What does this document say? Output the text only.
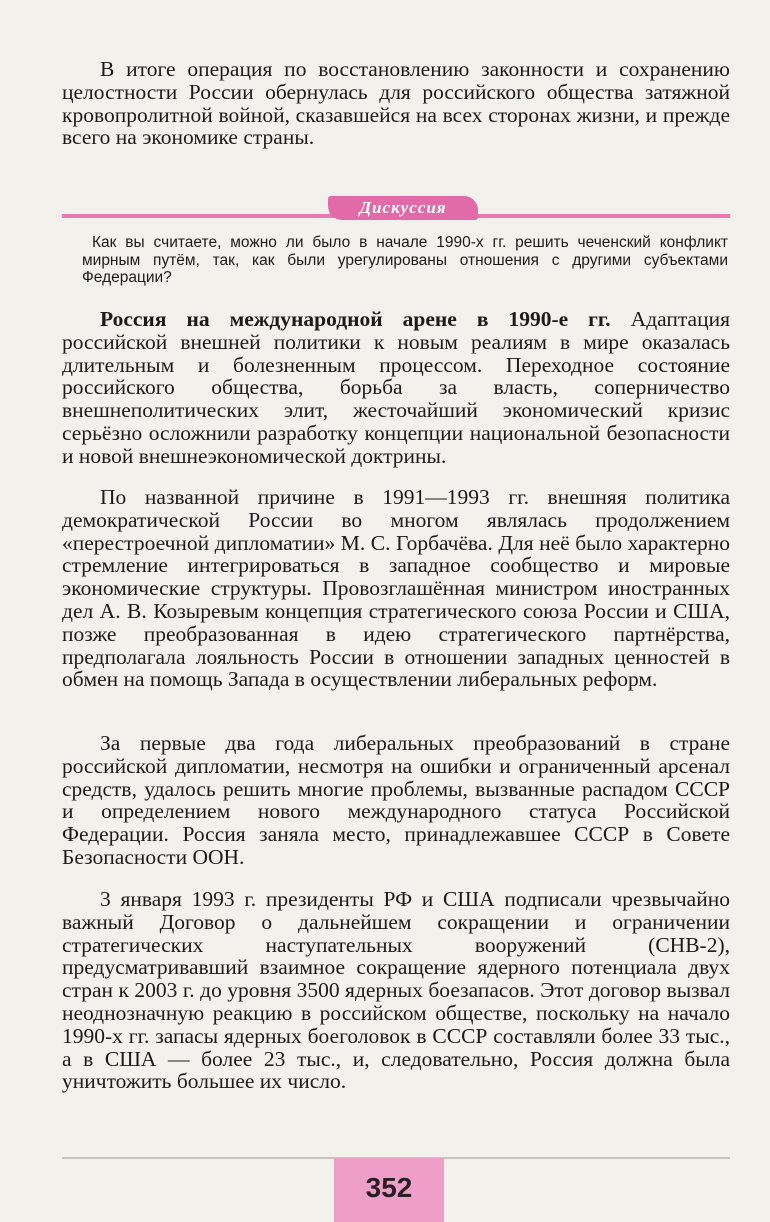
В итоге операция по восстановлению законности и сохранению целостности России обернулась для российского общества затяжной кровопролитной войной, сказавшейся на всех сторонах жизни, и прежде всего на экономике страны.

Дискуссия

Как вы считаете, можно ли было в начале 1990-х гг. решить чеченский конфликт мирным путём, так, как были урегулированы отношения с другими субъектами Федерации?

Россия на международной арене в 1990-е гг. Адаптация российской внешней политики к новым реалиям в мире оказалась длительным и болезненным процессом. Переходное состояние российского общества, борьба за власть, соперничество внешнеполитических элит, жесточайший экономический кризис серьёзно осложнили разработку концепции национальной безопасности и новой внешнеэкономической доктрины.

По названной причине в 1991—1993 гг. внешняя политика демократической России во многом являлась продолжением «перестроечной дипломатии» М. С. Горбачёва. Для неё было характерно стремление интегрироваться в западное сообщество и мировые экономические структуры. Провозглашённая министром иностранных дел А. В. Козыревым концепция стратегического союза России и США, позже преобразованная в идею стратегического партнёрства, предполагала лояльность России в отношении западных ценностей в обмен на помощь Запада в осуществлении либеральных реформ.

За первые два года либеральных преобразований в стране российской дипломатии, несмотря на ошибки и ограниченный арсенал средств, удалось решить многие проблемы, вызванные распадом СССР и определением нового международного статуса Российской Федерации. Россия заняла место, принадлежавшее СССР в Совете Безопасности ООН.

3 января 1993 г. президенты РФ и США подписали чрезвычайно важный Договор о дальнейшем сокращении и ограничении стратегических наступательных вооружений (СНВ-2), предусматривавший взаимное сокращение ядерного потенциала двух стран к 2003 г. до уровня 3500 ядерных боезапасов. Этот договор вызвал неоднозначную реакцию в российском обществе, поскольку на начало 1990-х гг. запасы ядерных боеголовок в СССР составляли более 33 тыс., а в США — более 23 тыс., и, следовательно, Россия должна была уничтожить большее их число.

352
